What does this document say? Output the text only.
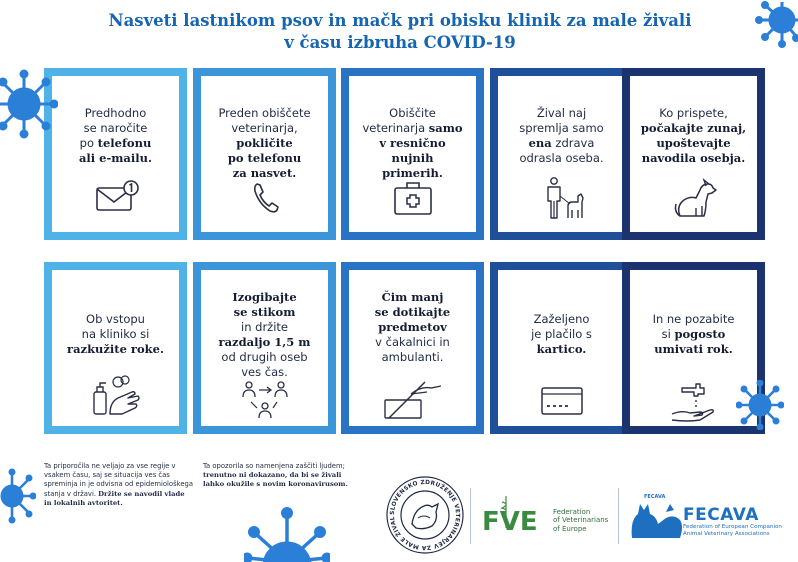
Nasveti lastnikom psov in mačk pri obisku klinik za male živali
v času izbruha COVID-19
Predhodno
se naročite
po telefonu
ali e-mailu.
Preden obiščete
veterinarja,
pokličite
po telefonu
za nasvet.
Obiščite
veterinarja samo
v resnično
nujnih
primerih.
Žival naj
spremlja samo
ena zdrava
odrasla oseba.
Ko prispete,
počakajte zunaj,
upoštevajte
navodila osebja.
Ob vstopu
na kliniko si
razkužite roke.
Izogibajte
se stikom
in držite
razdaljo 1,5 m
od drugih oseb
ves čas.
Čim manj
se dotikajte
predmetov
v čakalnici in
ambulanti.
Zaželjeno
je plačilo s
kartico.
In ne pozabite
si pogosto
umivati rok.
Ta priporočila ne veljajo za vse regije v
vsakem času, saj se situacija ves čas
spreminja in je odvisna od epidemiološkega
stanja v državi. Držite se navodil vlade
in lokalnih avtoritet.
Ta opozorila so namenjena zaščiti ljudem;
trenutno ni dokazano, da bi se živali
lahko okužile s novim koronavirusom.
SLOVENSKO ZDRUŽENJE VETERINARJEV ZA MALE ŽIVAL	FVE Federation
of Veterinarians
of Europe
FECAVA
FECAVA
Federation of European Companion
Animal Veterinary Associations
